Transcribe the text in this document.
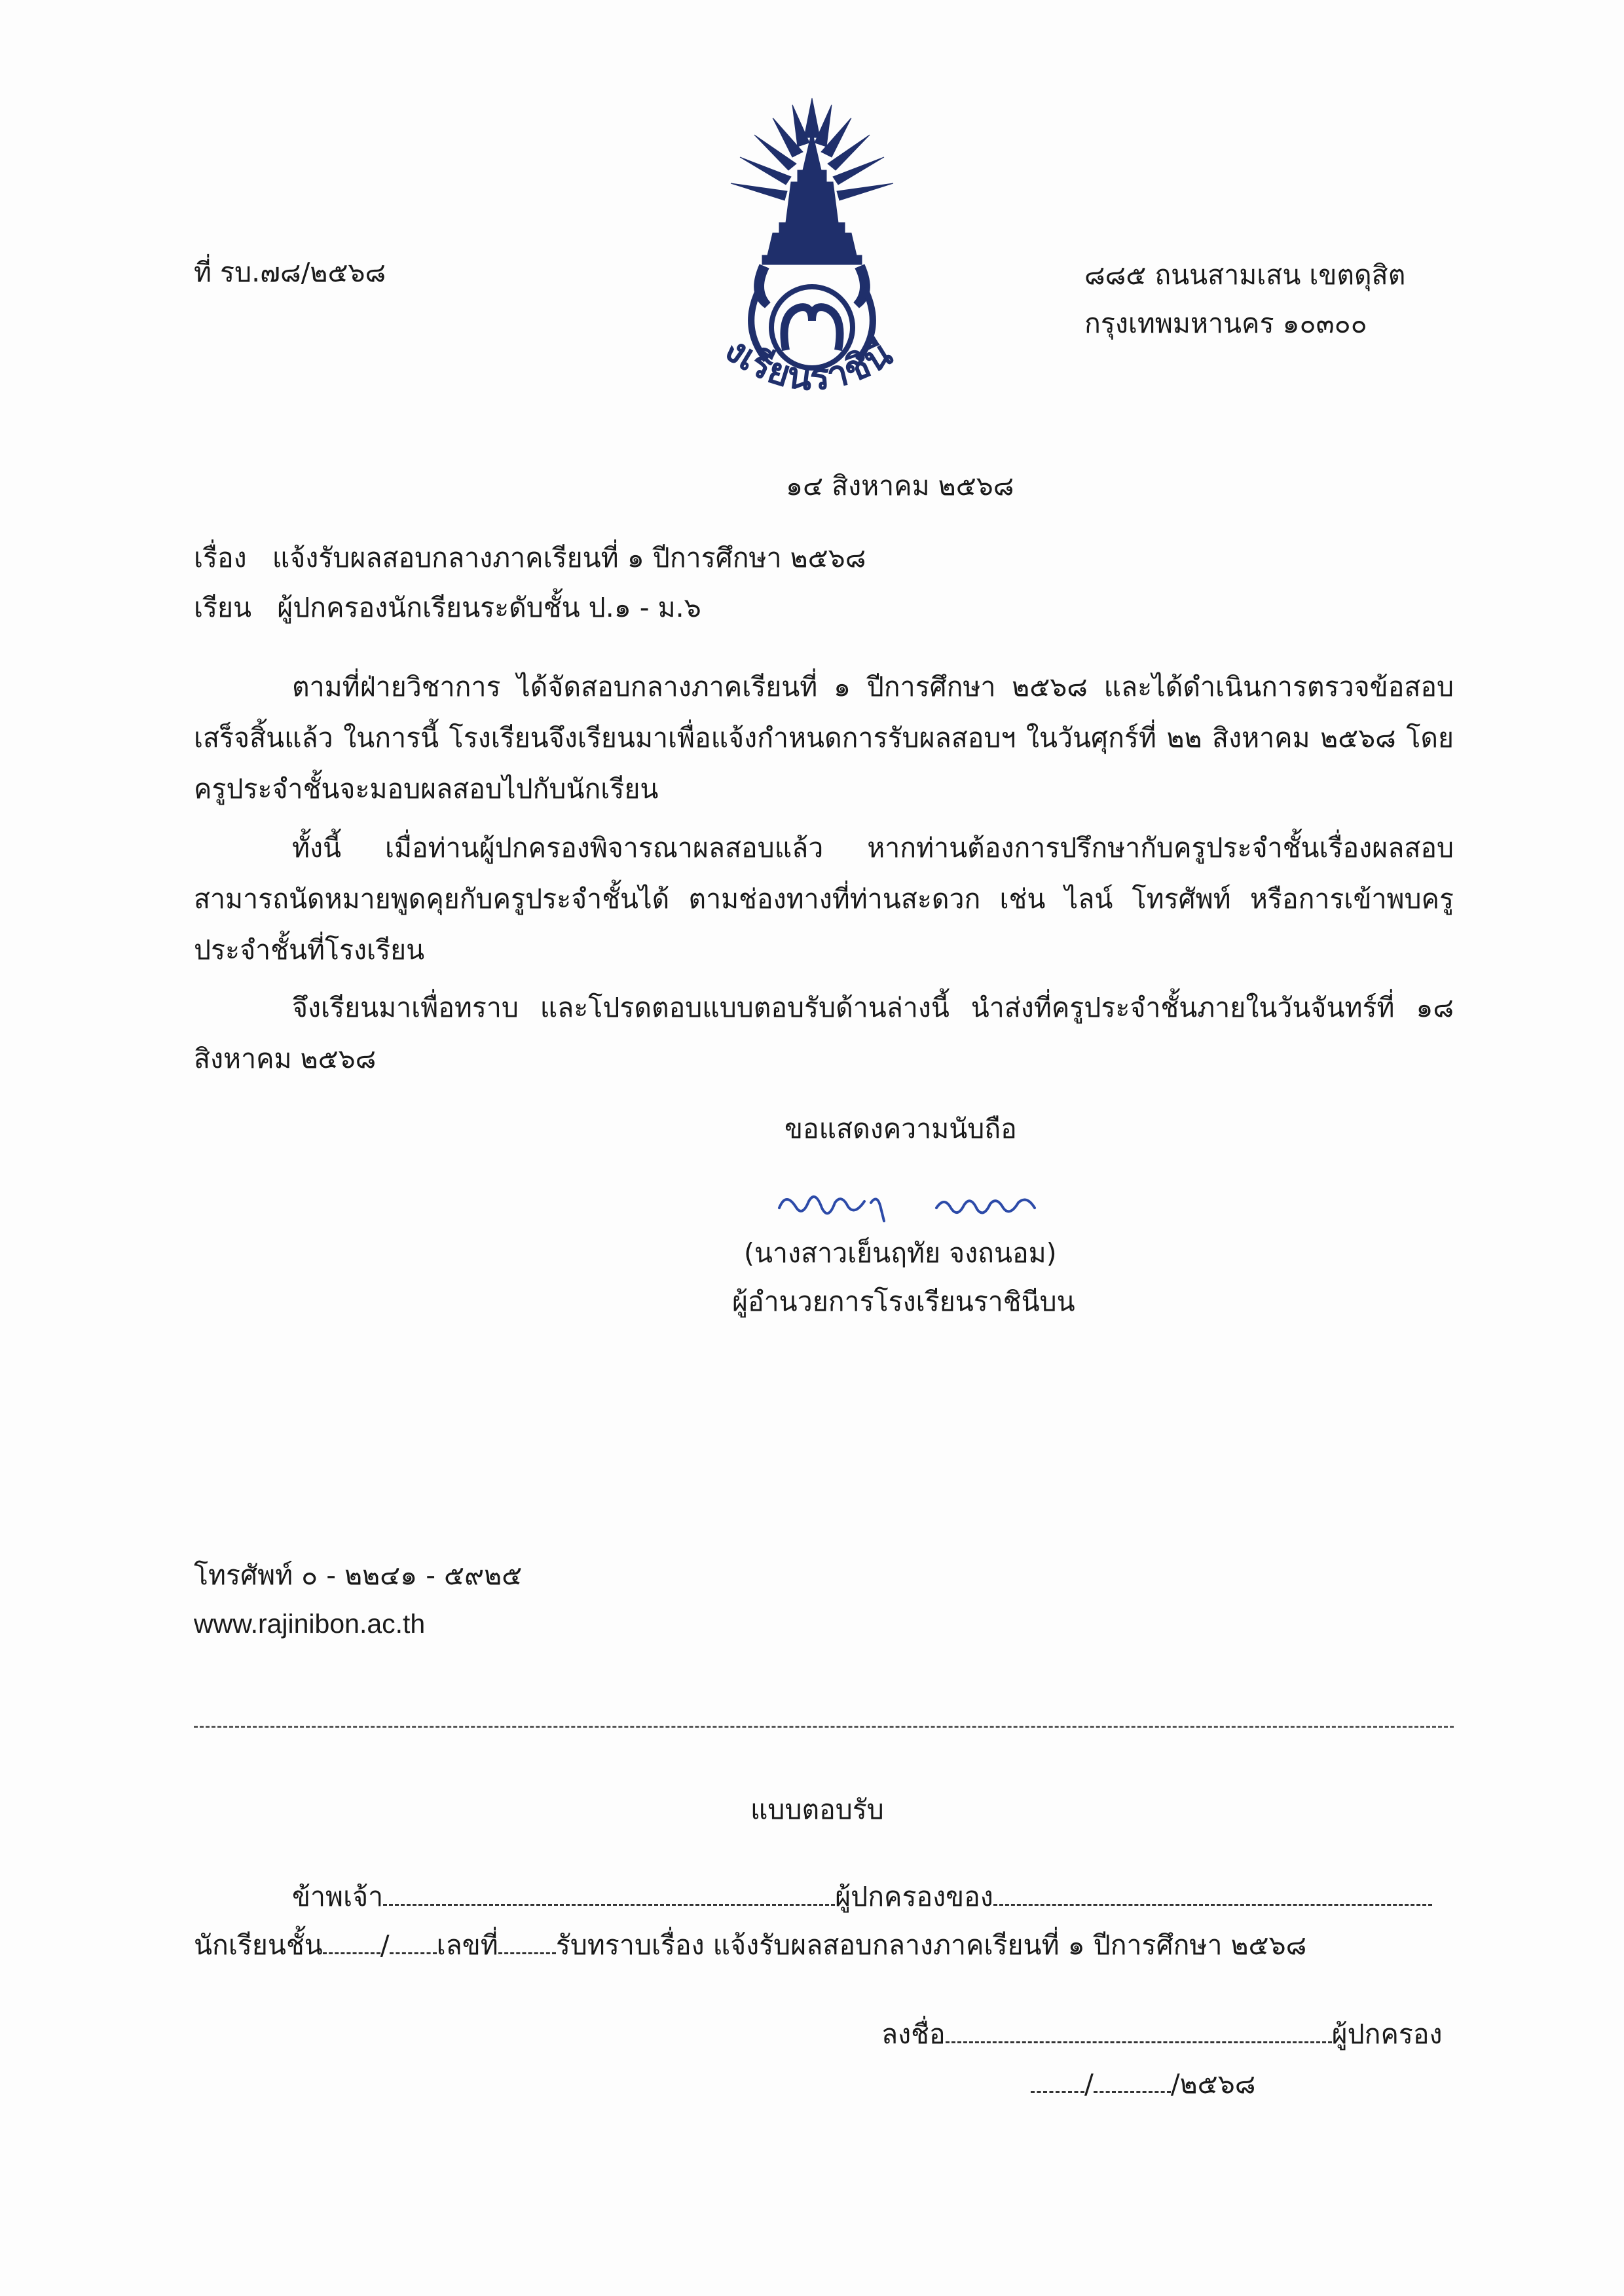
งเรียนราชินี
ที่ รบ.๗๘/๒๕๖๘	๘๘๕ ถนนสามเสน เขตดุสิต
กรุงเทพมหานคร ๑๐๓๐๐
๑๔ สิงหาคม ๒๕๖๘
เรื่อง แจ้งรับผลสอบกลางภาคเรียนที่ ๑ ปีการศึกษา ๒๕๖๘
เรียน ผู้ปกครองนักเรียนระดับชั้น ป.๑ - ม.๖
ตามที่ฝ่ายวิชาการ ได้จัดสอบกลางภาคเรียนที่ ๑ ปีการศึกษา ๒๕๖๘ และได้ดำเนินการตรวจข้อสอบเสร็จสิ้นแล้ว ในการนี้ โรงเรียนจึงเรียนมาเพื่อแจ้งกำหนดการรับผลสอบฯ ในวันศุกร์ที่ ๒๒ สิงหาคม ๒๕๖๘ โดยครูประจำชั้นจะมอบผลสอบไปกับนักเรียน
ทั้งนี้ เมื่อท่านผู้ปกครองพิจารณาผลสอบแล้ว หากท่านต้องการปรึกษากับครูประจำชั้นเรื่องผลสอบ สามารถนัดหมายพูดคุยกับครูประจำชั้นได้ ตามช่องทางที่ท่านสะดวก เช่น ไลน์ โทรศัพท์ หรือการเข้าพบครูประจำชั้นที่โรงเรียน
จึงเรียนมาเพื่อทราบ และโปรดตอบแบบตอบรับด้านล่างนี้ นำส่งที่ครูประจำชั้นภายในวันจันทร์ที่ ๑๘ สิงหาคม ๒๕๖๘
ขอแสดงความนับถือ
(นางสาวเย็นฤทัย จงถนอม)
ผู้อำนวยการโรงเรียนราชินีบน
โทรศัพท์ ๐ - ๒๒๔๑ - ๕๙๒๕
www.rajinibon.ac.th
แบบตอบรับ
ข้าพเจ้า	ผู้ปกครองของ
นักเรียนชั้น / เลขที่ รับทราบเรื่อง แจ้งรับผลสอบกลางภาคเรียนที่ ๑ ปีการศึกษา ๒๕๖๘
ลงชื่อ	ผู้ปกครอง
/	/๒๕๖๘
